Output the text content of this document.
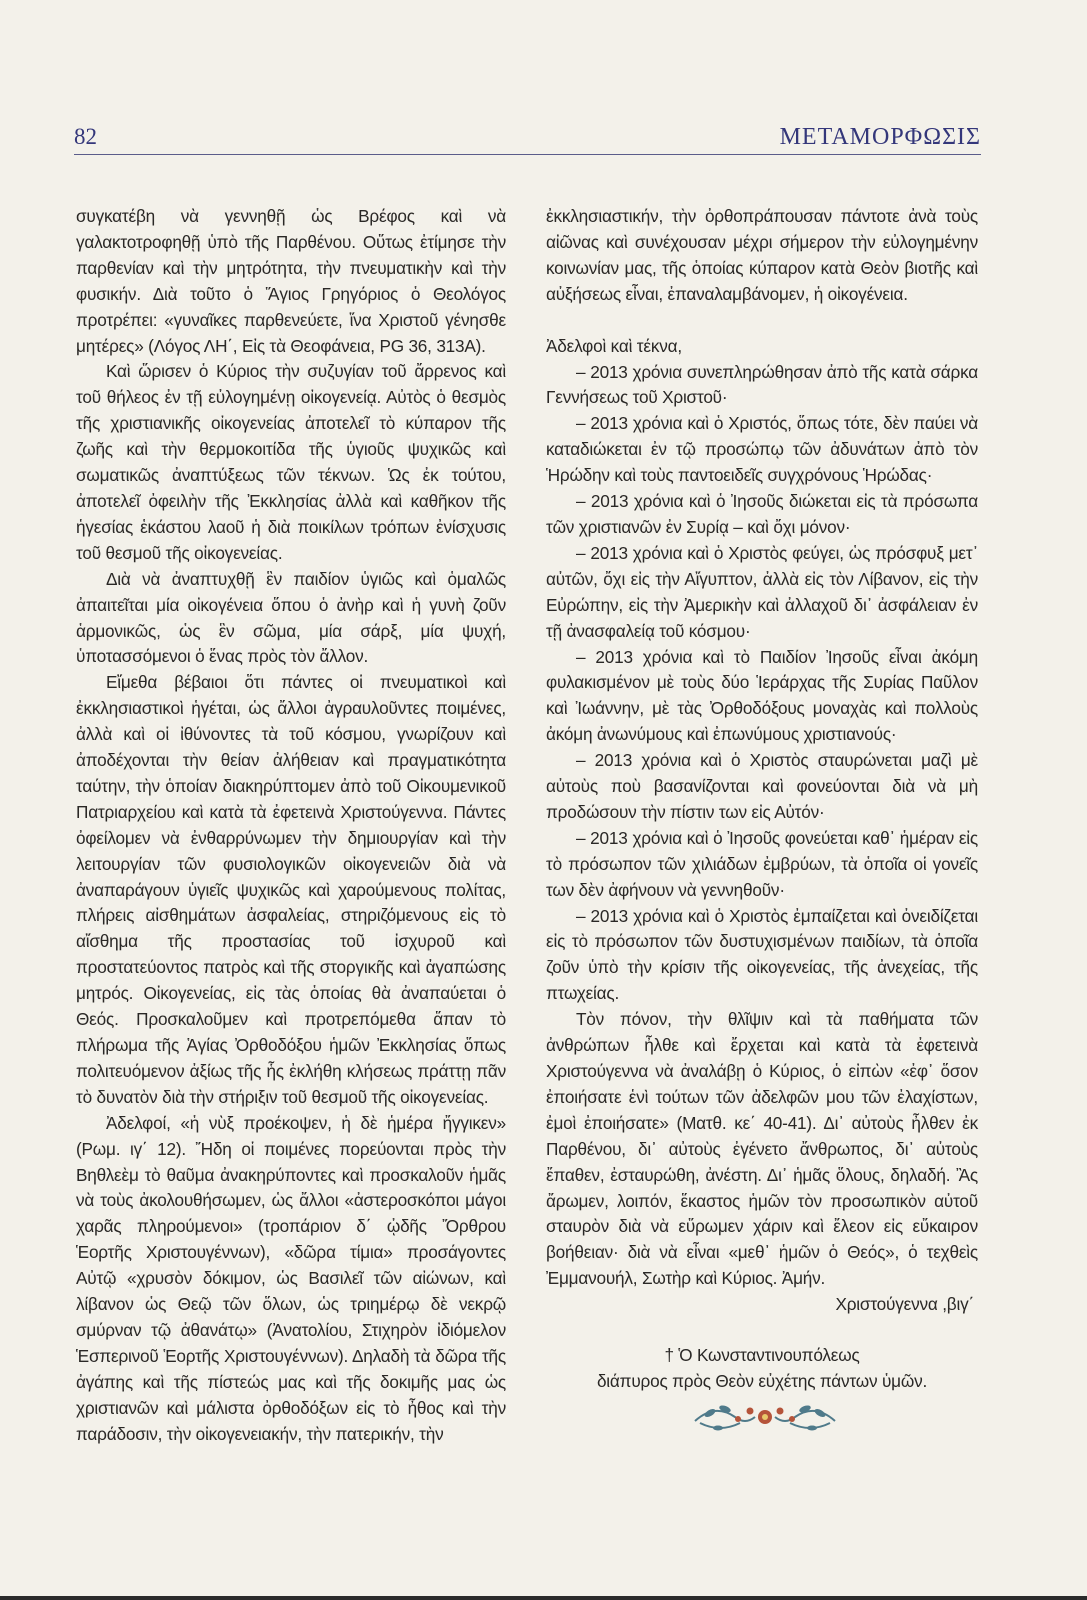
82	ΜΕΤΑΜΟΡΦΩΣΙΣ

συγκατέβη νὰ γεννηθῇ ὡς Βρέφος καὶ νὰ γαλακτοτροφηθῇ ὑπὸ τῆς Παρθένου. Οὕτως ἐτίμησε τὴν παρθενίαν καὶ τὴν μητρότητα, τὴν πνευματικὴν καὶ τὴν φυσικήν. Διὰ τοῦτο ὁ Ἅγιος Γρηγόριος ὁ Θεολόγος προτρέπει: «γυναῖκες παρθενεύετε, ἵνα Χριστοῦ γένησθε μητέρες» (Λόγος ΛΗ΄, Εἰς τὰ Θεοφάνεια, PG 36, 313Α).

Καὶ ὥρισεν ὁ Κύριος τὴν συζυγίαν τοῦ ἄρρενος καὶ τοῦ θήλεος ἐν τῇ εὐλογημένῃ οἰκογενείᾳ. Αὐτὸς ὁ θεσμὸς τῆς χριστιανικῆς οἰκογενείας ἀποτελεῖ τὸ κύπαρον τῆς ζωῆς καὶ τὴν θερμοκοιτίδα τῆς ὑγιοῦς ψυχικῶς καὶ σωματικῶς ἀναπτύξεως τῶν τέκνων. Ὡς ἐκ τούτου, ἀποτελεῖ ὀφειλὴν τῆς Ἐκκλησίας ἀλλὰ καὶ καθῆκον τῆς ἡγεσίας ἑκάστου λαοῦ ἡ διὰ ποικίλων τρόπων ἐνίσχυσις τοῦ θεσμοῦ τῆς οἰκογενείας.

Διὰ νὰ ἀναπτυχθῇ ἓν παιδίον ὑγιῶς καὶ ὁμαλῶς ἀπαιτεῖται μία οἰκογένεια ὅπου ὁ ἀνὴρ καὶ ἡ γυνὴ ζοῦν ἁρμονικῶς, ὡς ἓν σῶμα, μία σάρξ, μία ψυχή, ὑποτασσόμενοι ὁ ἕνας πρὸς τὸν ἄλλον.

Εἴμεθα βέβαιοι ὅτι πάντες οἱ πνευματικοὶ καὶ ἐκκλησιαστικοὶ ἡγέται, ὡς ἄλλοι ἀγραυλοῦντες ποιμένες, ἀλλὰ καὶ οἱ ἰθύνοντες τὰ τοῦ κόσμου, γνωρίζουν καὶ ἀποδέχονται τὴν θείαν ἀλήθειαν καὶ πραγματικότητα ταύτην, τὴν ὁποίαν διακηρύπτομεν ἀπὸ τοῦ Οἰκουμενικοῦ Πατριαρχείου καὶ κατὰ τὰ ἐφετεινὰ Χριστούγεννα. Πάντες ὀφείλομεν νὰ ἐνθαρρύνωμεν τὴν δημιουργίαν καὶ τὴν λειτουργίαν τῶν φυσιολογικῶν οἰκογενειῶν διὰ νὰ ἀναπαράγουν ὑγιεῖς ψυχικῶς καὶ χαρούμενους πολίτας, πλήρεις αἰσθημάτων ἀσφαλείας, στηριζόμενους εἰς τὸ αἴσθημα τῆς προστασίας τοῦ ἰσχυροῦ καὶ προστατεύοντος πατρὸς καὶ τῆς στοργικῆς καὶ ἀγαπώσης μητρός. Οἰκογενείας, εἰς τὰς ὁποίας θὰ ἀναπαύεται ὁ Θεός. Προσκαλοῦμεν καὶ προτρεπόμεθα ἅπαν τὸ πλήρωμα τῆς Ἁγίας Ὀρθοδόξου ἡμῶν Ἐκκλησίας ὅπως πολιτευόμενον ἀξίως τῆς ἧς ἐκλήθη κλήσεως πράττῃ πᾶν τὸ δυνατὸν διὰ τὴν στήριξιν τοῦ θεσμοῦ τῆς οἰκογενείας.

Ἀδελφοί, «ἡ νὺξ προέκοψεν, ἡ δὲ ἡμέρα ἤγγικεν» (Ρωμ. ιγ΄ 12). Ἤδη οἱ ποιμένες πορεύονται πρὸς τὴν Βηθλεὲμ τὸ θαῦμα ἀνακηρύποντες καὶ προσκαλοῦν ἡμᾶς νὰ τοὺς ἀκολουθήσωμεν, ὡς ἄλλοι «ἀστεροσκόποι μάγοι χαρᾶς πληρούμενοι» (τροπάριον δ΄ ᾠδῆς Ὄρθρου Ἑορτῆς Χριστουγέννων), «δῶρα τίμια» προσάγοντες Αὐτῷ «χρυσὸν δόκιμον, ὡς Βασιλεῖ τῶν αἰώνων, καὶ λίβανον ὡς Θεῷ τῶν ὅλων, ὡς τριημέρῳ δὲ νεκρῷ σμύρναν τῷ ἀθανάτῳ» (Ἀνατολίου, Στιχηρὸν ἰδιόμελον Ἑσπερινοῦ Ἑορτῆς Χριστουγέννων). Δηλαδὴ τὰ δῶρα τῆς ἀγάπης καὶ τῆς πίστεώς μας καὶ τῆς δοκιμῆς μας ὡς χριστιανῶν καὶ μάλιστα ὀρθοδόξων εἰς τὸ ἦθος καὶ τὴν παράδοσιν, τὴν οἰκογενειακήν, τὴν πατερικήν, τὴν

ἐκκλησιαστικήν, τὴν ὀρθοπράπουσαν πάντοτε ἀνὰ τοὺς αἰῶνας καὶ συνέχουσαν μέχρι σήμερον τὴν εὐλογημένην κοινωνίαν μας, τῆς ὁποίας κύπαρον κατὰ Θεὸν βιοτῆς καὶ αὐξήσεως εἶναι, ἐπαναλαμβάνομεν, ἡ οἰκογένεια.

Ἀδελφοὶ καὶ τέκνα,

– 2013 χρόνια συνεπληρώθησαν ἀπὸ τῆς κατὰ σάρκα Γεννήσεως τοῦ Χριστοῦ·

– 2013 χρόνια καὶ ὁ Χριστός, ὅπως τότε, δὲν παύει νὰ καταδιώκεται ἐν τῷ προσώπῳ τῶν ἀδυνάτων ἀπὸ τὸν Ἡρώδην καὶ τοὺς παντοειδεῖς συγχρόνους Ἡρώδας·

– 2013 χρόνια καὶ ὁ Ἰησοῦς διώκεται εἰς τὰ πρόσωπα τῶν χριστιανῶν ἐν Συρίᾳ – καὶ ὄχι μόνον·

– 2013 χρόνια καὶ ὁ Χριστὸς φεύγει, ὡς πρόσφυξ μετ᾽ αὐτῶν, ὄχι εἰς τὴν Αἴγυπτον, ἀλλὰ εἰς τὸν Λίβανον, εἰς τὴν Εὐρώπην, εἰς τὴν Ἀμερικὴν καὶ ἀλλαχοῦ δι᾽ ἀσφάλειαν ἐν τῇ ἀνασφαλείᾳ τοῦ κόσμου·

– 2013 χρόνια καὶ τὸ Παιδίον Ἰησοῦς εἶναι ἀκόμη φυλακισμένον μὲ τοὺς δύο Ἱεράρχας τῆς Συρίας Παῦλον καὶ Ἰωάννην, μὲ τὰς Ὀρθοδόξους μοναχὰς καὶ πολλοὺς ἀκόμη ἀνωνύμους καὶ ἐπωνύμους χριστιανούς·

– 2013 χρόνια καὶ ὁ Χριστὸς σταυρώνεται μαζὶ μὲ αὐτοὺς ποὺ βασανίζονται καὶ φονεύονται διὰ νὰ μὴ προδώσουν τὴν πίστιν των εἰς Αὐτόν·

– 2013 χρόνια καὶ ὁ Ἰησοῦς φονεύεται καθ᾽ ἡμέραν εἰς τὸ πρόσωπον τῶν χιλιάδων ἐμβρύων, τὰ ὁποῖα οἱ γονεῖς των δὲν ἀφήνουν νὰ γεννηθοῦν·

– 2013 χρόνια καὶ ὁ Χριστὸς ἐμπαίζεται καὶ ὀνειδίζεται εἰς τὸ πρόσωπον τῶν δυστυχισμένων παιδίων, τὰ ὁποῖα ζοῦν ὑπὸ τὴν κρίσιν τῆς οἰκογενείας, τῆς ἀνεχείας, τῆς πτωχείας.

Τὸν πόνον, τὴν θλῖψιν καὶ τὰ παθήματα τῶν ἀνθρώπων ἦλθε καὶ ἔρχεται καὶ κατὰ τὰ ἐφετεινὰ Χριστούγεννα νὰ ἀναλάβῃ ὁ Κύριος, ὁ εἰπὼν «ἐφ᾽ ὅσον ἐποιήσατε ἑνὶ τούτων τῶν ἀδελφῶν μου τῶν ἐλαχίστων, ἐμοὶ ἐποιήσατε» (Ματθ. κε΄ 40-41). Δι᾽ αὐτοὺς ἦλθεν ἐκ Παρθένου, δι᾽ αὐτοὺς ἐγένετο ἄνθρωπος, δι᾽ αὐτοὺς ἔπαθεν, ἐσταυρώθη, ἀνέστη. Δι᾽ ἡμᾶς ὅλους, δηλαδή. Ἂς ἄρωμεν, λοιπόν, ἕκαστος ἡμῶν τὸν προσωπικὸν αὐτοῦ σταυρὸν διὰ νὰ εὕρωμεν χάριν καὶ ἔλεον εἰς εὔκαιρον βοήθειαν· διὰ νὰ εἶναι «μεθ᾽ ἡμῶν ὁ Θεός», ὁ τεχθεὶς Ἐμμανουήλ, Σωτὴρ καὶ Κύριος. Ἀμήν.

Χριστούγεννα ,βιγ΄

† Ὁ Κωνσταντινουπόλεως
διάπυρος πρὸς Θεὸν εὐχέτης πάντων ὑμῶν.
